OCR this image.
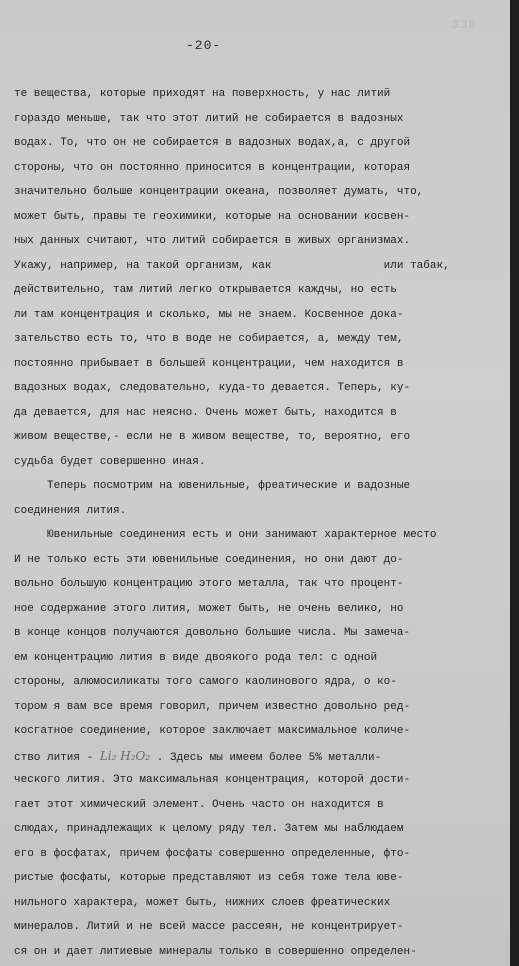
330
-20-
те вещества, которые приходят на поверхность, у нас литий
гораздо меньше, так что этот литий не собирается в вадозных
водах. То, что он не собирается в вадозных водах,а, с другой
стороны, что он постоянно приносится в концентрации, которая
значительно больше концентрации океана, позволяет думать, что,
может быть, правы те геохимики, которые на основании косвен-
ных данных считают, что литий собирается в живых организмах.
Укажу, например, на такой организм, как                 или табак,
действительно, там литий легко открывается каждчы, но есть
ли там концентрация и сколько, мы не знаем. Косвенное дока-
зательство есть то, что в воде не собирается, а, между тем,
постоянно прибывает в большей концентрации, чем находится в
вадозных водах, следовательно, куда-то девается. Теперь, ку-
да девается, для нас неясно. Очень может быть, находится в
живом веществе,- если не в живом веществе, то, вероятно, его
судьба будет совершенно иная.
Теперь посмотрим на ювенильные, фреатические и вадозные
соединения лития.
Ювенильные соединения есть и они занимают характерное место
И не только есть эти ювенильные соединения, но они дают до-
вольно большую концентрацию этого металла, так что процент-
ное содержание этого лития, может быть, не очень велико, но
в конце концов получаются довольно большие числа. Мы замеча-
ем концентрацию лития в виде двоякого рода тел: с одной
стороны, алюмосиликаты того самого каолинового ядра, о ко-
тором я вам все время говорил, причем известно довольно ред-
косгатное соединение, которое заключает максимальное количе-
ство лития - Li₂ H₂O₂ . Здесь мы имеем более 5% металли-
ческого лития. Это максимальная концентрация, которой дости-
гает этот химический элемент. Очень часто он находится в
слюдах, принадлежащих к целому ряду тел. Затем мы наблюдаем
его в фосфатах, причем фосфаты совершенно определенные, фто-
ристые фосфаты, которые представляют из себя тоже тела юве-
нильного характера, может быть, нижних слоев фреатических
минералов. Литий и не всей массе рассеян, не концентрирует-
ся он и дает литиевые минералы только в совершенно определен-
